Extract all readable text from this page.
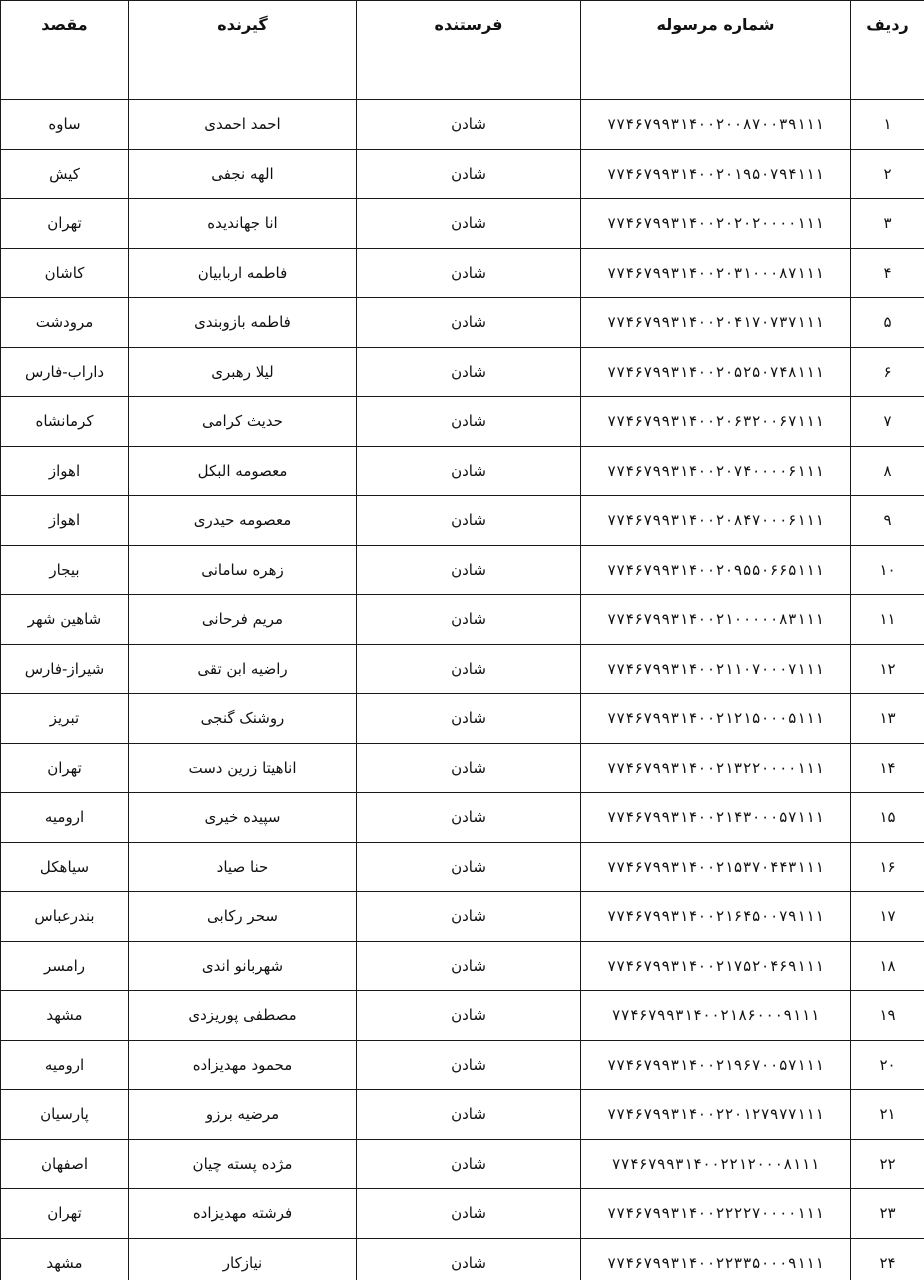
ردیف	شماره مرسوله	فرستنده	گیرنده	مقصد
۱	۷۷۴۶۷۹۹۳۱۴۰۰۲۰۰۸۷۰۰۳۹۱۱۱	شادن	احمد احمدی	ساوه
۲	۷۷۴۶۷۹۹۳۱۴۰۰۲۰۱۹۵۰۷۹۴۱۱۱	شادن	الهه نجفی	کیش
۳	۷۷۴۶۷۹۹۳۱۴۰۰۲۰۲۰۲۰۰۰۰۱۱۱	شادن	انا جهاندیده	تهران
۴	۷۷۴۶۷۹۹۳۱۴۰۰۲۰۳۱۰۰۰۸۷۱۱۱	شادن	فاطمه اربابیان	کاشان
۵	۷۷۴۶۷۹۹۳۱۴۰۰۲۰۴۱۷۰۷۳۷۱۱۱	شادن	فاطمه بازوبندی	مرودشت
۶	۷۷۴۶۷۹۹۳۱۴۰۰۲۰۵۲۵۰۷۴۸۱۱۱	شادن	لیلا رهبری	داراب-فارس
۷	۷۷۴۶۷۹۹۳۱۴۰۰۲۰۶۳۲۰۰۶۷۱۱۱	شادن	حدیث کرامی	کرمانشاه
۸	۷۷۴۶۷۹۹۳۱۴۰۰۲۰۷۴۰۰۰۰۶۱۱۱	شادن	معصومه البکل	اهواز
۹	۷۷۴۶۷۹۹۳۱۴۰۰۲۰۸۴۷۰۰۰۶۱۱۱	شادن	معصومه حیدری	اهواز
۱۰	۷۷۴۶۷۹۹۳۱۴۰۰۲۰۹۵۵۰۶۶۵۱۱۱	شادن	زهره سامانی	بیجار
۱۱	۷۷۴۶۷۹۹۳۱۴۰۰۲۱۰۰۰۰۰۸۳۱۱۱	شادن	مریم فرحانی	شاهین شهر
۱۲	۷۷۴۶۷۹۹۳۱۴۰۰۲۱۱۰۷۰۰۰۷۱۱۱	شادن	راضیه ابن تقی	شیراز-فارس
۱۳	۷۷۴۶۷۹۹۳۱۴۰۰۲۱۲۱۵۰۰۰۵۱۱۱	شادن	روشنک گنجی	تبریز
۱۴	۷۷۴۶۷۹۹۳۱۴۰۰۲۱۳۲۲۰۰۰۰۱۱۱	شادن	اناهیتا زرین دست	تهران
۱۵	۷۷۴۶۷۹۹۳۱۴۰۰۲۱۴۳۰۰۰۵۷۱۱۱	شادن	سپیده خیری	ارومیه
۱۶	۷۷۴۶۷۹۹۳۱۴۰۰۲۱۵۳۷۰۴۴۳۱۱۱	شادن	حنا صیاد	سیاهکل
۱۷	۷۷۴۶۷۹۹۳۱۴۰۰۲۱۶۴۵۰۰۷۹۱۱۱	شادن	سحر رکابی	بندرعباس
۱۸	۷۷۴۶۷۹۹۳۱۴۰۰۲۱۷۵۲۰۴۶۹۱۱۱	شادن	شهربانو اندی	رامسر
۱۹	۷۷۴۶۷۹۹۳۱۴۰۰۲۱۸۶۰۰۰۹۱۱۱	شادن	مصطفی پوریزدی	مشهد
۲۰	۷۷۴۶۷۹۹۳۱۴۰۰۲۱۹۶۷۰۰۵۷۱۱۱	شادن	محمود مهدیزاده	ارومیه
۲۱	۷۷۴۶۷۹۹۳۱۴۰۰۲۲۰۱۲۷۹۷۷۱۱۱	شادن	مرضیه برزو	پارسیان
۲۲	۷۷۴۶۷۹۹۳۱۴۰۰۲۲۱۲۰۰۰۸۱۱۱	شادن	مژده پسته چیان	اصفهان
۲۳	۷۷۴۶۷۹۹۳۱۴۰۰۲۲۲۲۷۰۰۰۰۱۱۱	شادن	فرشته مهدیزاده	تهران
۲۴	۷۷۴۶۷۹۹۳۱۴۰۰۲۲۳۳۵۰۰۰۹۱۱۱	شادن	نیازکار	مشهد
